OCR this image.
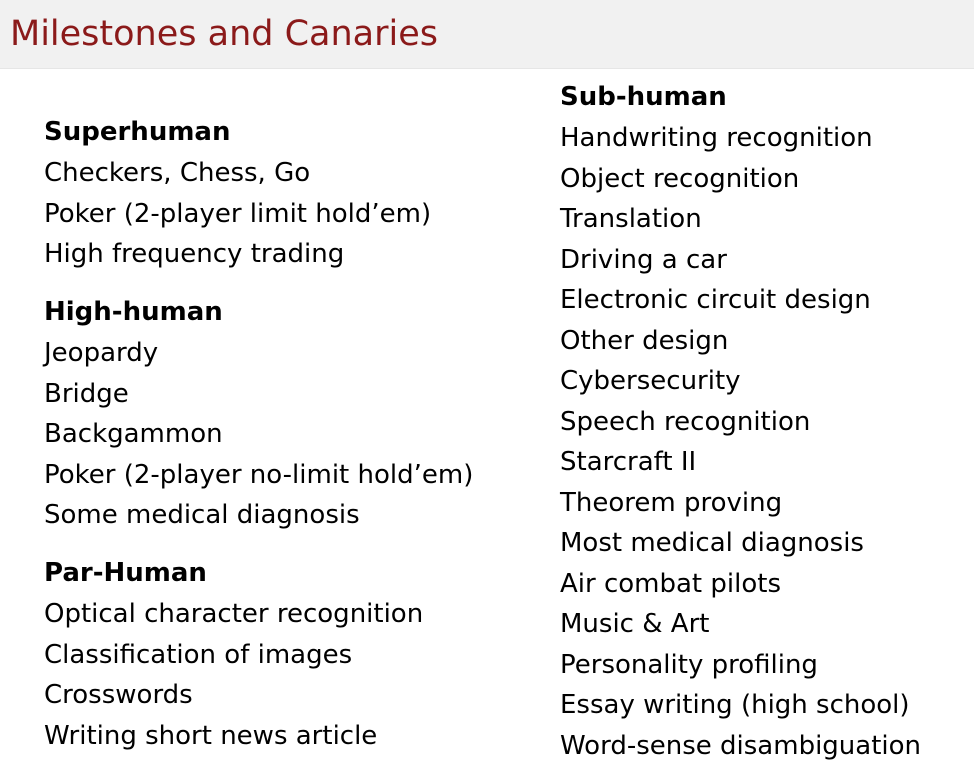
Milestones and Canaries
Superhuman
Checkers, Chess, Go
Poker (2-player limit hold’em)
High frequency trading
High-human
Jeopardy
Bridge
Backgammon
Poker (2-player no-limit hold’em)
Some medical diagnosis
Par-Human
Optical character recognition
Classification of images
Crosswords
Writing short news article
Sub-human
Handwriting recognition
Object recognition
Translation
Driving a car
Electronic circuit design
Other design
Cybersecurity
Speech recognition
Starcraft II
Theorem proving
Most medical diagnosis
Air combat pilots
Music & Art
Personality profiling
Essay writing (high school)
Word-sense disambiguation
